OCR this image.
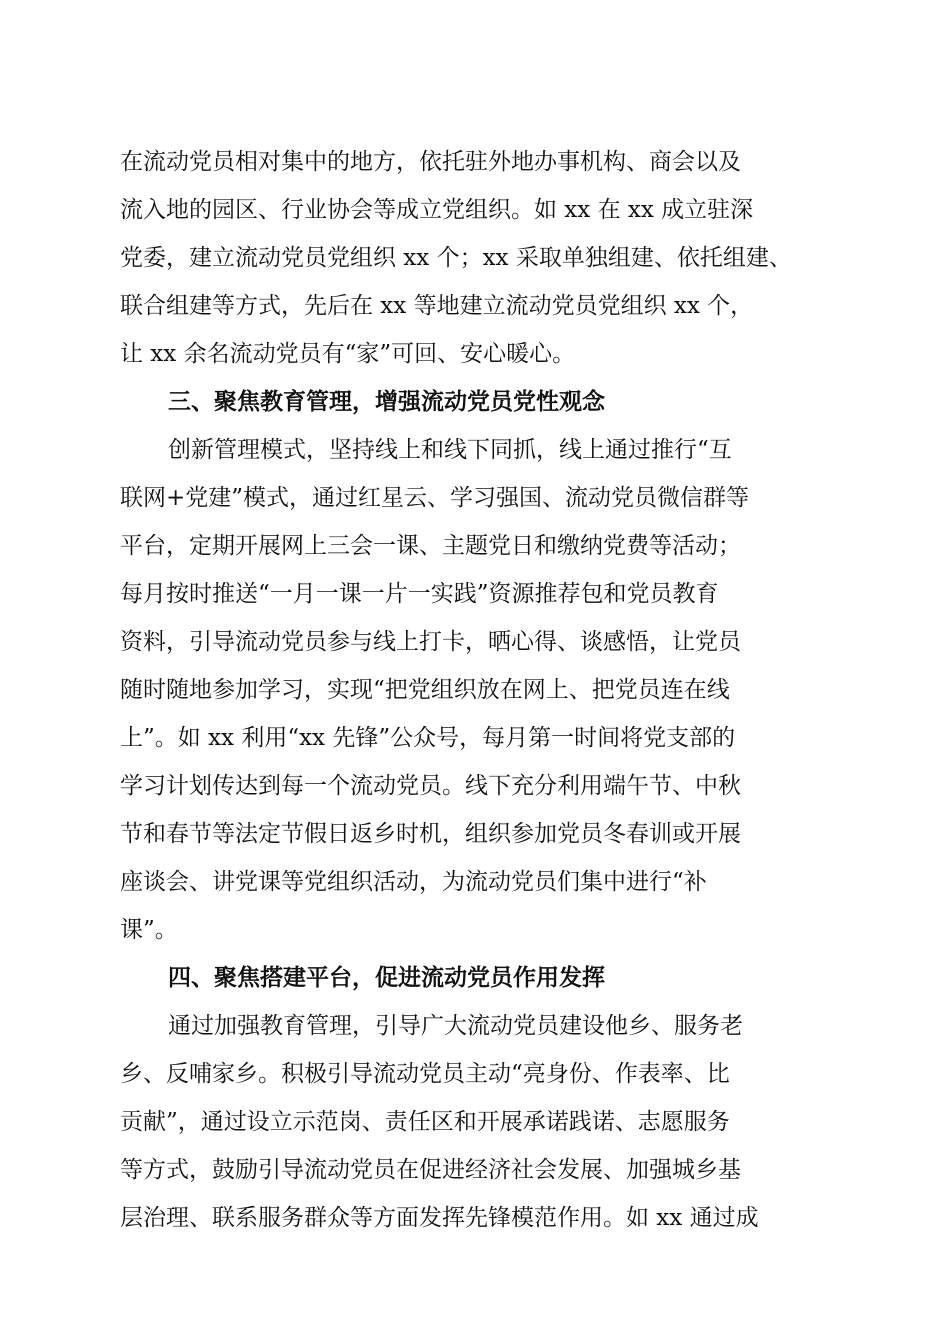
在流动党员相对集中的地方，依托驻外地办事机构、商会以及
流入地的园区、行业协会等成立党组织。如 xx 在 xx 成立驻深
党委，建立流动党员党组织 xx 个；xx 采取单独组建、依托组建、
联合组建等方式，先后在 xx 等地建立流动党员党组织 xx 个，
让 xx 余名流动党员有“家”可回、安心暖心。
三、聚焦教育管理，增强流动党员党性观念
创新管理模式，坚持线上和线下同抓，线上通过推行“互
联网+党建”模式，通过红星云、学习强国、流动党员微信群等
平台，定期开展网上三会一课、主题党日和缴纳党费等活动；
每月按时推送“一月一课一片一实践”资源推荐包和党员教育
资料，引导流动党员参与线上打卡，晒心得、谈感悟，让党员
随时随地参加学习，实现“把党组织放在网上、把党员连在线
上”。如 xx 利用“xx 先锋”公众号，每月第一时间将党支部的
学习计划传达到每一个流动党员。线下充分利用端午节、中秋
节和春节等法定节假日返乡时机，组织参加党员冬春训或开展
座谈会、讲党课等党组织活动，为流动党员们集中进行“补
课”。
四、聚焦搭建平台，促进流动党员作用发挥
通过加强教育管理，引导广大流动党员建设他乡、服务老
乡、反哺家乡。积极引导流动党员主动“亮身份、作表率、比
贡献”，通过设立示范岗、责任区和开展承诺践诺、志愿服务
等方式，鼓励引导流动党员在促进经济社会发展、加强城乡基
层治理、联系服务群众等方面发挥先锋模范作用。如 xx 通过成
